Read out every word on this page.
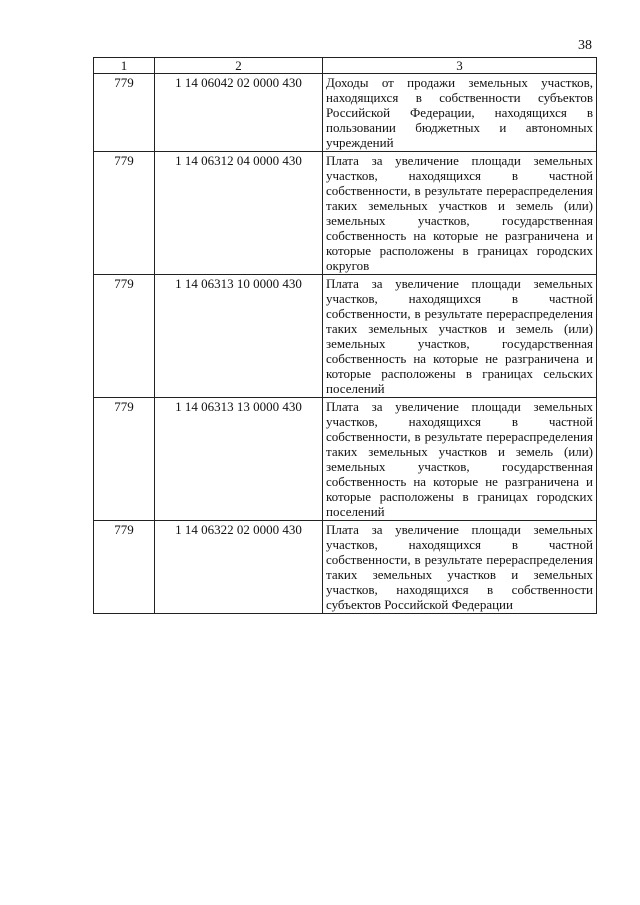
38
1	2	3
779	1 14 06042 02 0000 430	Доходы от продажи земельных участков, находящихся в собственности субъектов Российской Федерации, находящихся в пользовании бюджетных и автономных учреждений
779	1 14 06312 04 0000 430	Плата за увеличение площади земельных участков, находящихся в частной собственности, в результате перераспределения таких земельных участков и земель (или) земельных участков, государственная собственность на которые не разграничена и которые расположены в границах городских округов
779	1 14 06313 10 0000 430	Плата за увеличение площади земельных участков, находящихся в частной собственности, в результате перераспределения таких земельных участков и земель (или) земельных участков, государственная собственность на которые не разграничена и которые расположены в границах сельских поселений
779	1 14 06313 13 0000 430	Плата за увеличение площади земельных участков, находящихся в частной собственности, в результате перераспределения таких земельных участков и земель (или) земельных участков, государственная собственность на которые не разграничена и которые расположены в границах городских поселений
779	1 14 06322 02 0000 430	Плата за увеличение площади земельных участков, находящихся в частной собственности, в результате перераспределения таких земельных участков и земельных участков, находящихся в собственности субъектов Российской Федерации
